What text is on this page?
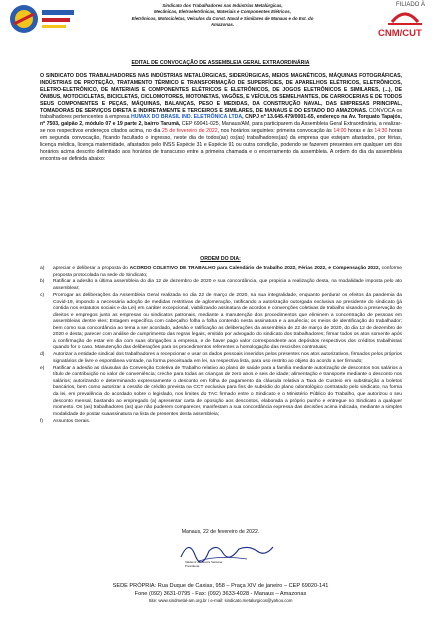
Sindicato dos Trabalhadores nas Indústrias Metalúrgicas,
Mecânicas, Eletroeletrônicas, Materiais e Componentes Elétricos,
Eletrônicos, Motocicletas, Veículos da Const. Naval e Similares de Manaus e do Est. do
Amazonas.
FILIADO À
CNM/CUT
EDITAL DE CONVOCAÇÃO DE ASSEMBLEIA GERAL EXTRAORDINÁRIA
O SINDICATO DOS TRABALHADORES NAS INDÚSTRIAS METALÚRGICAS, SIDERÚRGICAS, MEIOS MAGNÉTICOS, MÁQUINAS FOTOGRÁFICAS, INDÚSTRIAS DE PROTEÇÃO, TRATAMENTO TÉRMICO E TRANSFORMAÇÃO DE SUPERFÍCIES, DE APARELHOS ELÉTRICOS, ELETRÔNICOS, ELETRO-ELETRÔNICO, DE MATERIAIS E COMPONENTES ELÉTRICOS E ELETRÔNICOS, DE JOGOS ELETRÔNICOS E SIMILARES, (...), DE ÔNIBUS, MOTOCICLETAS, BICICLETAS, CICLOMOTORES, MOTONETAS, VAGÕES, E VEÍCULOS SEMELHANTES, DE CARROCERIAS E DE TODOS SEUS COMPONENTES E PEÇAS, MÁQUINAS, BALANÇAS, PESO E MEDIDAS, DA CONSTRUÇÃO NAVAL, DAS EMPRESAS PRINCIPAL, TOMADORAS DE SERVIÇOS DIRETA E INDIRETAMENTE E TERCEIROS E SIMILARES, DE MANAUS E DO ESTADO DO AMAZONAS. CONVOCA os trabalhadores pertencentes à empresa HUMAX DO BRASIL IND. ELETRÔNICA LTDA, CNPJ nº 13.645.479/0001-65, endereço na Av. Torquato Tapajós, nº 7503, galpão 2, módulo 07 e 19 parte 2, bairro Tarumã, CEP 69041-025, Manaus/AM, para participarem da Assembleia Geral Extraordinária, a realizar-se nos respectivos endereços citados acima, no dia 25 de fevereiro de 2022, nos horários seguintes: primeira convocação às 14:00 horas e às 14:30 horas em segunda convocação, ficando facultado o ingresso, neste dia de todos(as) os(as) trabalhadores(as) da empresa que estejam afastados, por férias, licença médica, licença maternidade, afastados pelo INSS Espécie 31 e Espécie 91 ou outra condição, podendo se fazerem presentes em qualquer um dos horários acima descrito delimitado aos horários de transcurso entre a primeira chamada e o encerramento da assembleia. A ordem do dia da assembleia encontra-se definida abaixo:
ORDEM DO DIA:
a)	apreciar e deliberar a proposta do ACORDO COLETIVO DE TRABALHO para Calendário de trabalho 2022, Férias 2022, e Compensação 2022, conforme proposta protocolada na sede do Sindicato;
b)	Ratificar a adesão a última assembleia do dia 12 de dezembro de 2020 e sua concordância, que propicia a realização desta, na modalidade imposta pelo ato assemblear;
c)	Prorrogar as deliberações da Assembleia Geral realizada no dia 22 de março de 2020, na sua integralidade, enquanto perdurar os efeitos da pandemia da Covid-19, impondo a necessária adoção de medidas restritivas de aglomeração, ratificando a autorização outorgada exclusiva ao presidente do sindicato (já contida nos estatutos sociais e da Lei) em caráter excepcional, viabilizando assinatura de acordos e convenções coletivas de trabalho visando a preservação de direitos e empregos junto as empresas ou sindicatos patronais, mediante a manutenção dos procedimentos que eliminem a concentração de pessoas em assembleias dentre eles: Estagem específica com cabeçalho folha a folha contendo nesta assinatura e a anuência; os meios de identificação do trabalhador; bem como sua concordância ao tema a ser acordado, adesão e ratificação as deliberações da assembleia de 22 de março de 2020, do dia 12 de dezembro de 2020 e desta; parecer com análise de cumprimento das regras legais, emitido por advogado do sindicato dos trabalhadores; firmar todos os atos somente após a confirmação de estar em dia com suas obrigações a empresa, e de haver pago valor correspondente aos depósitos respectivos dos créditos trabalhistas quando for o caso. Manutenção das deliberações para os procedimentos referentes a homologação das rescisões contratuais;
d)	Autorizar a entidade sindical dos trabalhadores a recepcionar e usar os dados pessoais inseridos pelos presentes nos atos autorizativos, firmados pelos próprios signatários de livre e espontânea vontade, na forma preceituada em lei, na respectiva lista, para uso restrito ao objeto do acordo a ser firmado;
e)	Ratificar a adesão as cláusulas da Convenção Coletiva de Trabalho relativo ao plano de saúde para a família mediante autorização de descontos nos salários a título de contribuição no valor de conveniência; creche para todas as crianças de zero anos e seis de idade; alimentação e transporte mediante o desconto nos salários; autorizando e determinando expressamente o desconto em folha de pagamento da cláusula relativa a Taxa de Custeio em substituição a boletos bancários, bem como autorizar a cessão de crédito prevista na CCT exclusiva para fins de subsídio do plano odontológico contratado pelo sindicato, na forma da lei, em prevalência do acordado sobre o legislado, nos limites do TAC firmado entre o Sindicato e o Ministério Público do Trabalho, que autorizou o seu desconto mensal, bastando ao empregado (a) apresentar carta de oposição aos descontos, elaborada a próprio punho e entregue no Sindicato a qualquer momento. Os (as) trabalhadores (as) que não puderem comparecer, manifestam a sua concordância expressa das decisões acima indicada, mediante a simples modalidade de postar suaassinatura na lista de presentes desta assembleia;
f)	Assuntos Gerais.
Manaus, 22 de fevereiro de 2022.
Valdemir de Souza Santana
Presidente
SEDE PRÓPRIA: Rua Duque de Caxias, 958 – Praça XIV de janeiro – CEP 69020-141
Fone (092) 3631-0795 - Fax: (092) 3633-4028 - Manaus – Amazonas
Site: www.sindmetal-am.org.br / e-mail: sindicato.metalurgicos@yahoo.com
